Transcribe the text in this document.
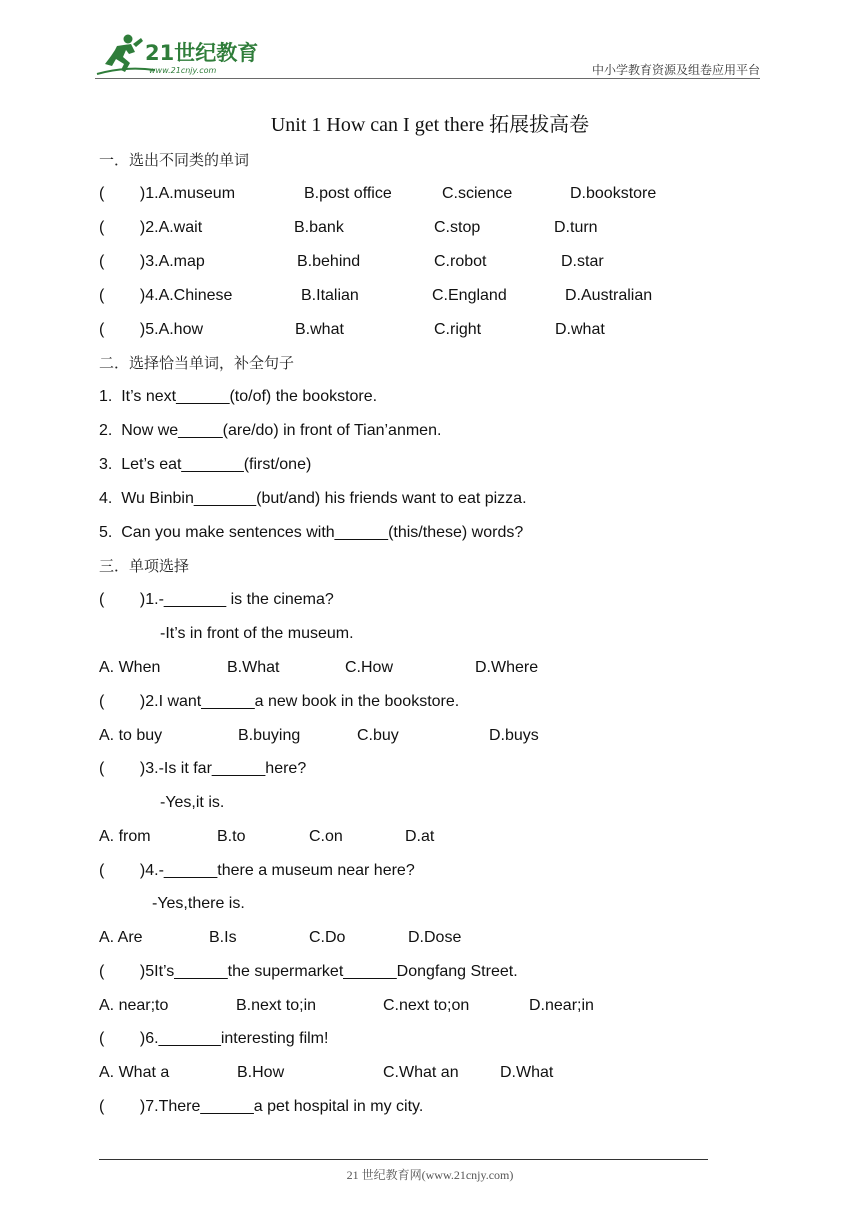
21世纪教育
www.21cnjy.com	中小学教育资源及组卷应用平台
Unit 1 How can I get there 拓展拔高卷
一．选出不同类的单词

(        )1.A.museum

	B.post office

	C.science

	D.bookstore

(        )2.A.wait

	B.bank

	C.stop

	D.turn

(        )3.A.map

	B.behind

	C.robot

	D.star

(        )4.A.Chinese

	B.Italian

	C.England

	D.Australian

(        )5.A.how

	B.what

	C.right

	D.what

二．选择恰当单词，补全句子
1.  It’s next______(to/of) the bookstore.
2.  Now we_____(are/do) in front of Tian’anmen.
3.  Let’s eat_______(first/one)
4.  Wu Binbin_______(but/and) his friends want to eat pizza.
5.  Can you make sentences with______(this/these) words?
三．单项选择
(        )1.-_______ is the cinema?
-It’s in front of the museum.

A. When

	B.What

	C.How

	D.Where

(        )2.I want______a new book in the bookstore.

A. to buy

	B.buying

	C.buy

	D.buys

(        )3.-Is it far______here?
-Yes,it is.

A. from

	B.to

	C.on

	D.at

(        )4.-______there a museum near here?
-Yes,there is.

A. Are

	B.Is

	C.Do

	D.Dose

(        )5It’s______the supermarket______Dongfang Street.

A. near;to

	B.next to;in

	C.next to;on

	D.near;in

(        )6._______interesting film!

A. What a

	B.How

	C.What an

	D.What

(        )7.There______a pet hospital in my city.
21 世纪教育网(www.21cnjy.com)
